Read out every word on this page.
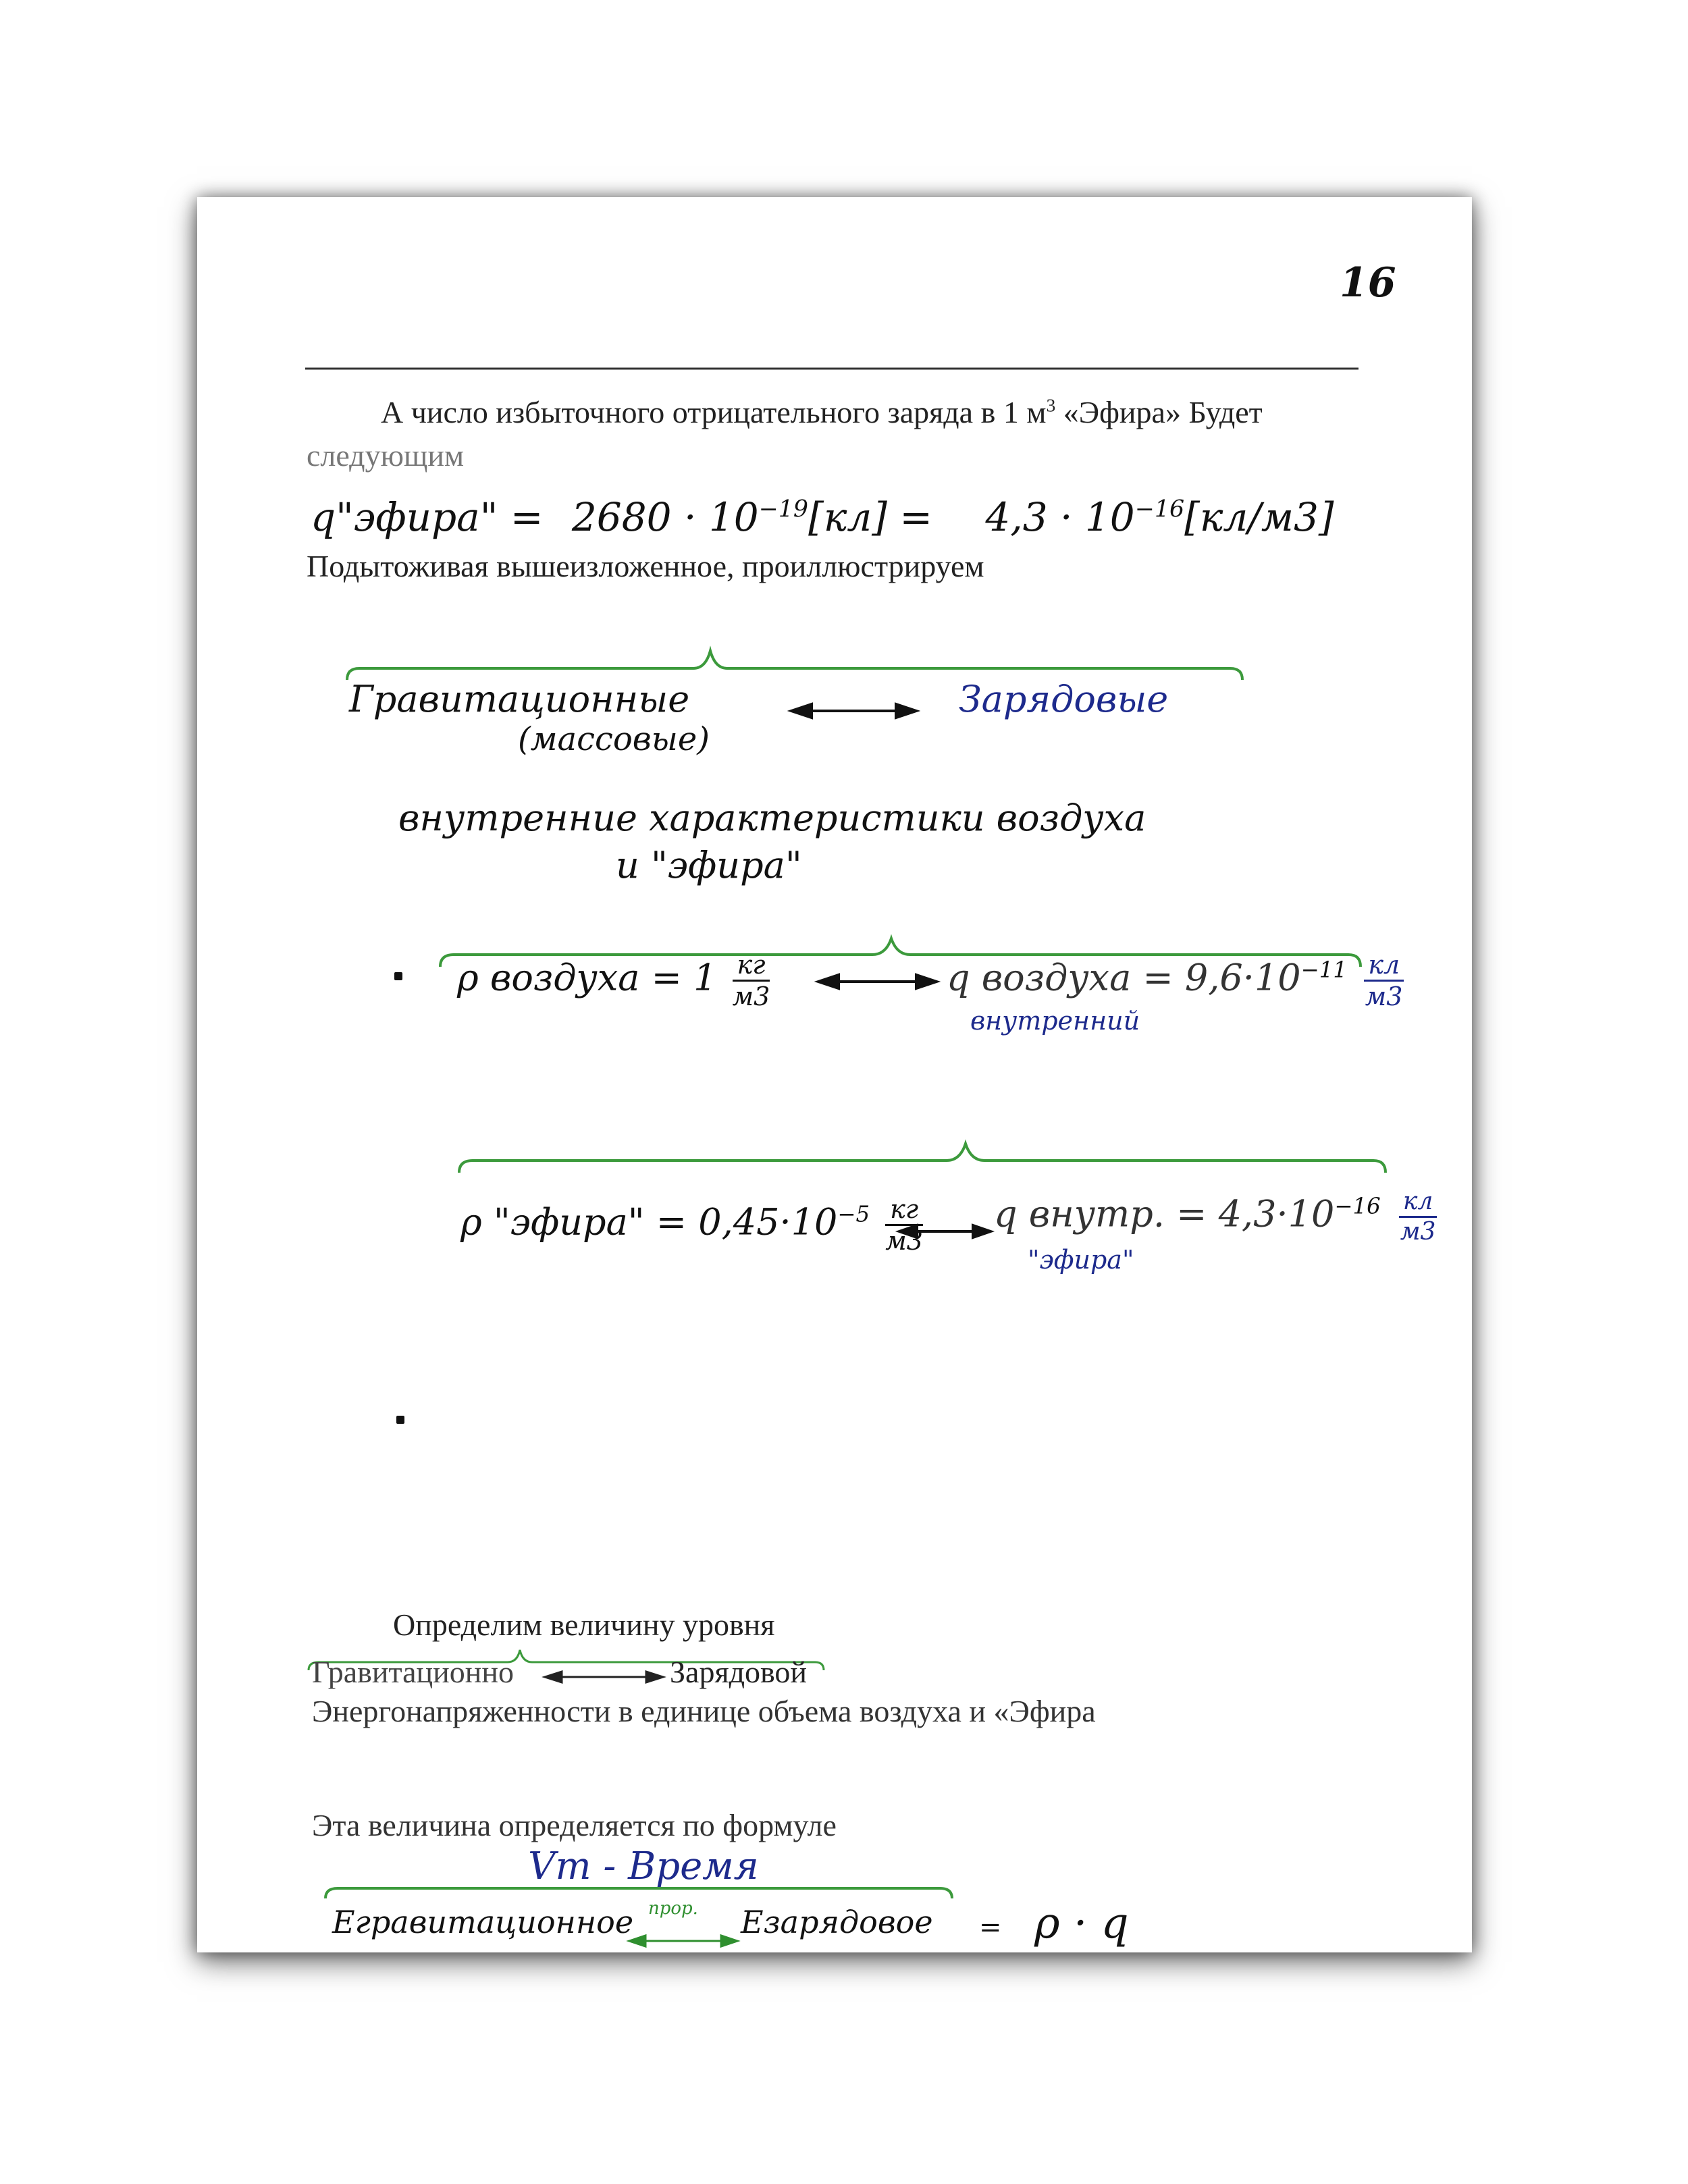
16
А число избыточного отрицательного заряда в 1 $м^3$ «Эфира» Будет
следующим
q"эфира" = $2680 \cdot 10^{-19}[кл] = 4,3 \cdot 10^{-16}[кл/м3]$
Подытоживая вышеизложенное, проиллюстрируем
Гравитационные
(массовые)
Зарядовые
внутренние характеристики воздуха
и "эфира"
ρ воздуха = $1 \frac{кг}{м3}$	q воздуха = $9,6\cdot 10^{-11} \frac{кл}{м3}$
внутренний
ρ "эфира" = $0,45\cdot 10^{-5} \frac{кг}{м3}$ q внутр. = $4,3\cdot 10^{-16} \frac{кл}{м3}$
"эфира"
Определим величину уровня
Гравитационно	Зарядовой
Энергонапряженности в единице объема воздуха и «Эфира
Эта величина определяется по формуле
Vm - Время
Eгравитационное прор. Eзарядовое = ρ · q
